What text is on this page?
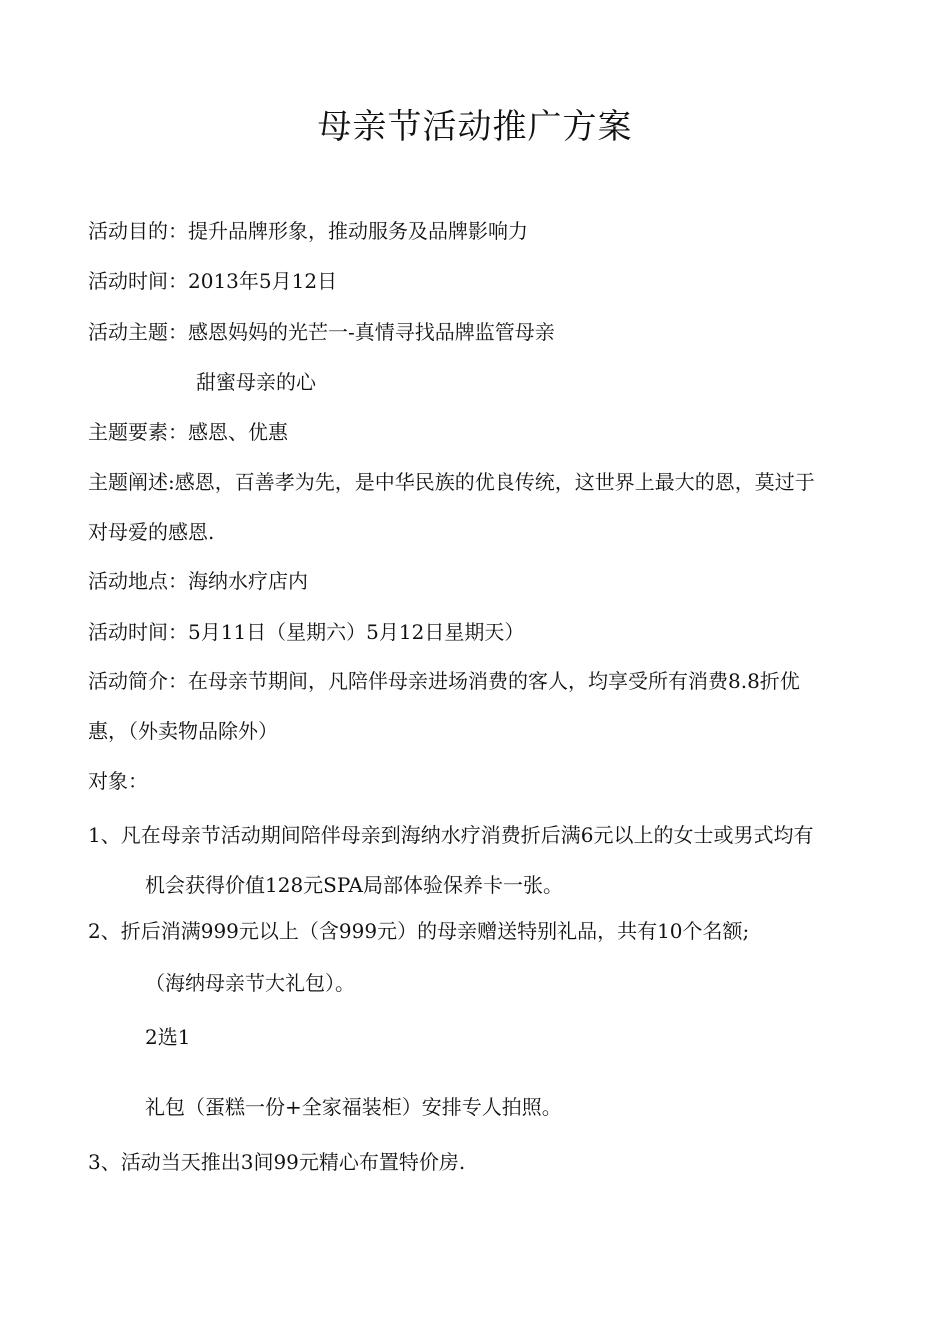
母亲节活动推广方案
活动目的：提升品牌形象，推动服务及品牌影响力
活动时间：2013年5月12日
活动主题：感恩妈妈的光芒一-真情寻找品牌监管母亲
甜蜜母亲的心
主题要素：感恩、优惠
主题阐述:感恩，百善孝为先，是中华民族的优良传统，这世界上最大的恩，莫过于
对母爱的感恩.
活动地点：海纳水疗店内
活动时间：5月11日（星期六）5月12日星期天）
活动简介：在母亲节期间，凡陪伴母亲进场消费的客人，均享受所有消费8.8折优
惠，（外卖物品除外）
对象：
1、凡在母亲节活动期间陪伴母亲到海纳水疗消费折后满6元以上的女士或男式均有
机会获得价值128元SPA局部体验保养卡一张。
2、折后消满999元以上（含999元）的母亲赠送特别礼品，共有10个名额;
（海纳母亲节大礼包）。
2选1
礼包（蛋糕一份+全家福装柜）安排专人拍照。
3、活动当天推出3间99元精心布置特价房.
